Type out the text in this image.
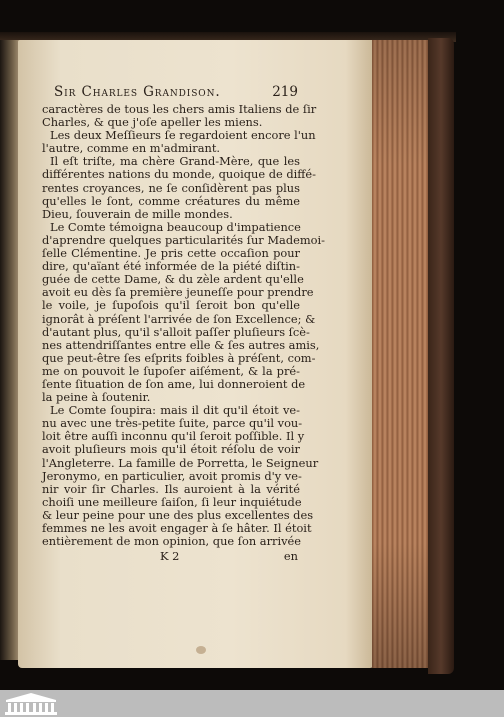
Sir Charles Grandison.	219
caractères de tous les chers amis Italiens de ſir
Charles, & que j'oſe apeller les miens.
Les deux Meſſieurs ſe regardoient encore l'un
l'autre, comme en m'admirant.
Il eſt triſte, ma chère Grand-Mère, que les
différentes nations du monde, quoique de diffé-
rentes croyances, ne ſe conſidèrent pas plus
qu'elles le ſont, comme créatures du même
Dieu, ſouverain de mille mondes.
Le Comte témoigna beaucoup d'impatience
d'aprendre quelques particularités ſur Mademoi-
ſelle Clémentine. Je pris cette occaſion pour
dire, qu'aïant été informée de la piété diſtin-
guée de cette Dame, & du zèle ardent qu'elle
avoit eu dès ſa première jeuneſſe pour prendre
le voile, je ſupoſois qu'il ſeroit bon qu'elle
ignorât à préſent l'arrivée de ſon Excellence; &
d'autant plus, qu'il s'alloit paſſer pluſieurs ſcè-
nes attendriſſantes entre elle & ſes autres amis,
que peut-être ſes eſprits foibles à préſent, com-
me on pouvoit le ſupoſer aiſément, & la pré-
ſente ſituation de ſon ame, lui donneroient de
la peine à ſoutenir.
Le Comte ſoupira: mais il dit qu'il étoit ve-
nu avec une très-petite ſuite, parce qu'il vou-
loit être auſſi inconnu qu'il ſeroit poſſible. Il y
avoit pluſieurs mois qu'il étoit réſolu de voir
l'Angleterre. La famille de Porretta, le Seigneur
Jeronymo, en particulier, avoit promis d'y ve-
nir voir ſir Charles. Ils auroient à la vérité
choiſi une meilleure ſaiſon, ſi leur inquiétude
& leur peine pour une des plus excellentes des
femmes ne les avoit engager à ſe hâter. Il étoit
entièrement de mon opinion, que ſon arrivée
K 2	en
